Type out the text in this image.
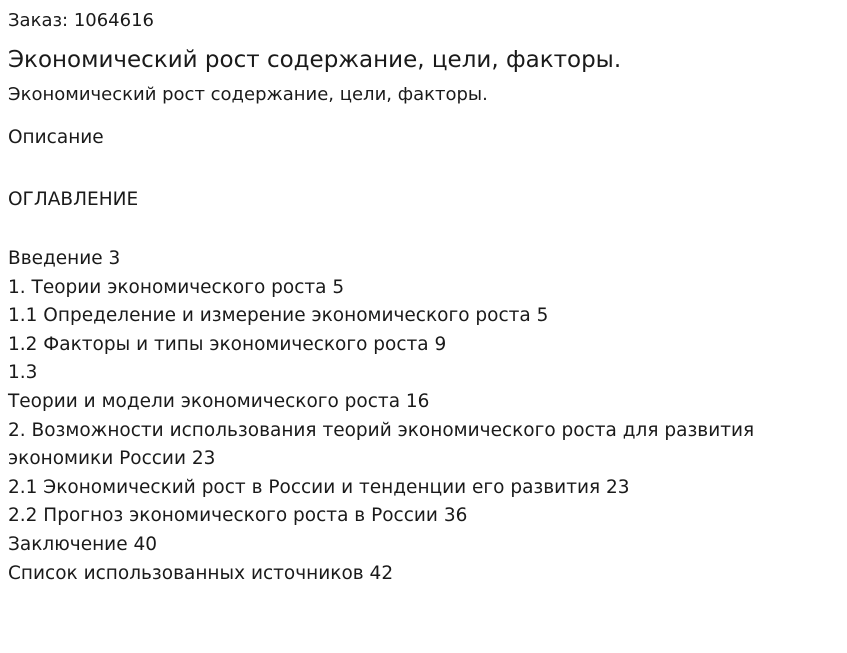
Заказ: 1064616

Экономический рост содержание, цели, факторы.

Экономический рост содержание, цели, факторы.

Описание

ОГЛАВЛЕНИЕ

Введение 3
1. Теории экономического роста 5
1.1 Определение и измерение экономического роста 5
1.2 Факторы и типы экономического роста 9
1.3
Теории и модели экономического роста 16
2. Возможности использования теорий экономического роста для развития экономики России 23
2.1 Экономический рост в России и тенденции его развития 23
2.2 Прогноз экономического роста в России 36
Заключение 40
Список использованных источников 42
